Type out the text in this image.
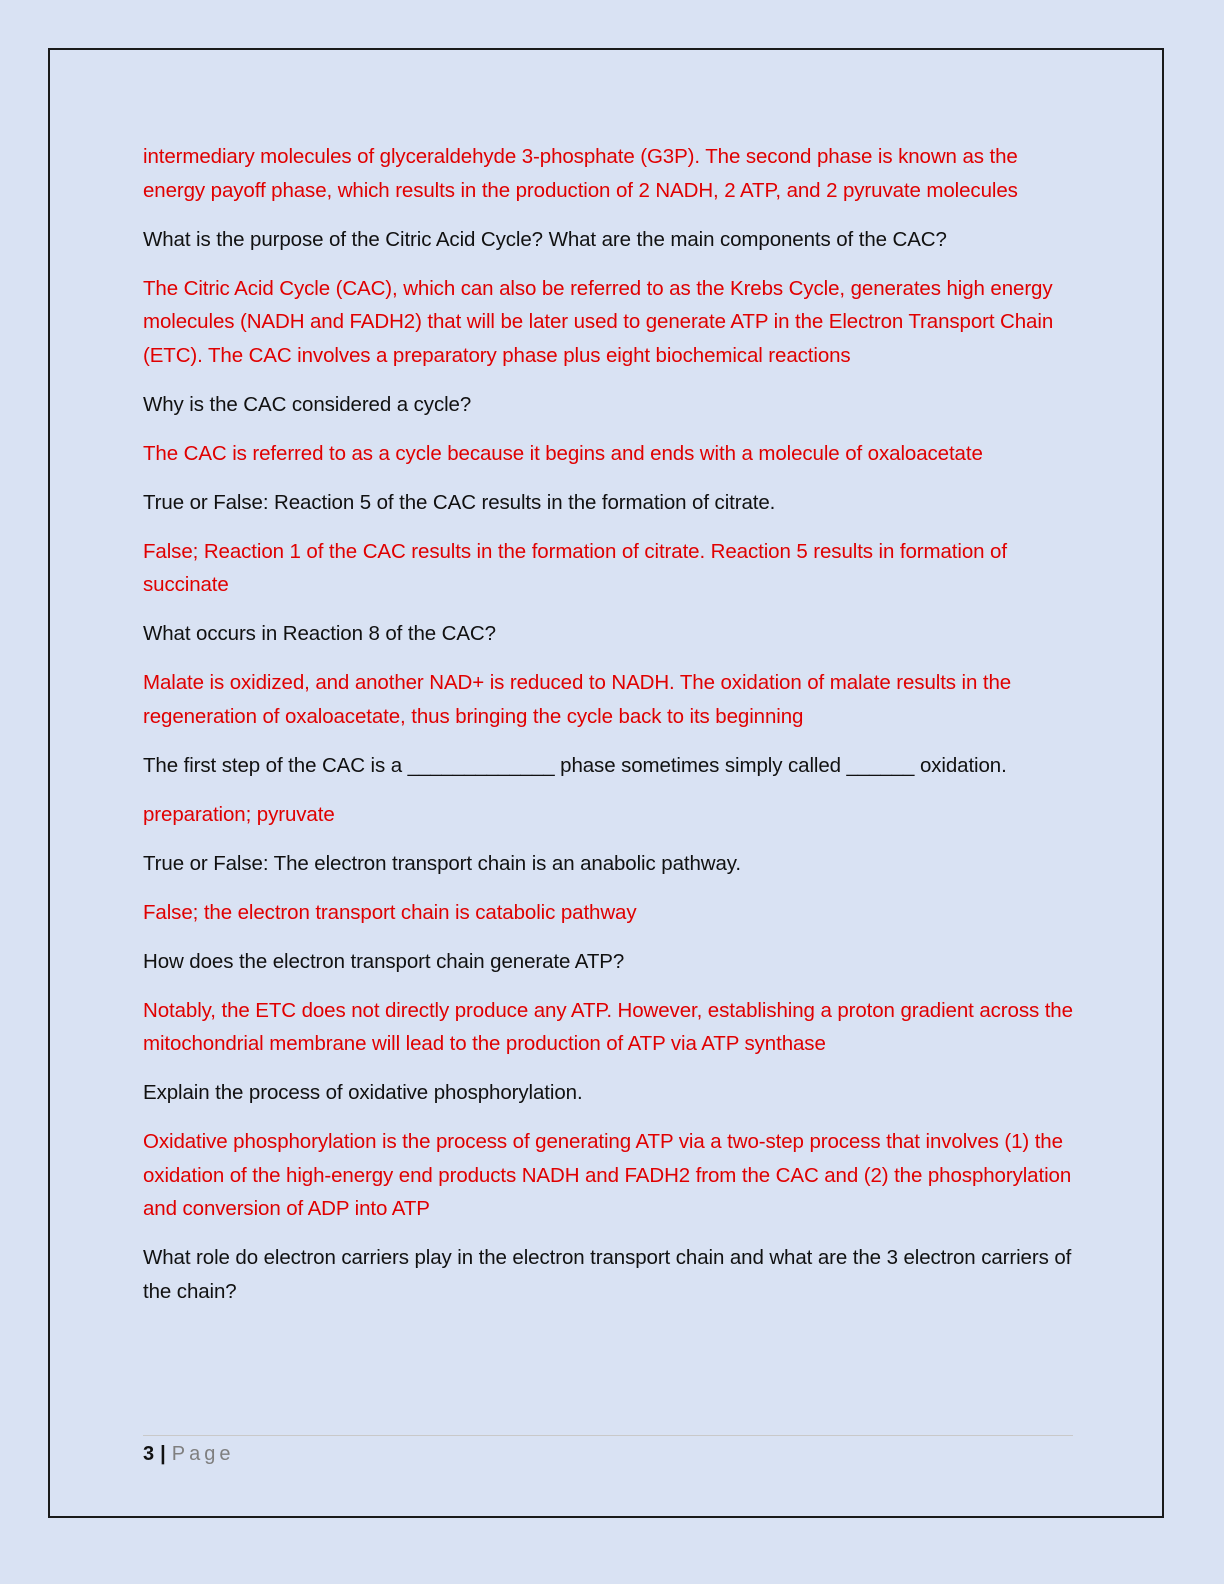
intermediary molecules of glyceraldehyde 3-phosphate (G3P). The second phase is known as the energy payoff phase, which results in the production of 2 NADH, 2 ATP, and 2 pyruvate molecules

What is the purpose of the Citric Acid Cycle? What are the main components of the CAC?

The Citric Acid Cycle (CAC), which can also be referred to as the Krebs Cycle, generates high energy molecules (NADH and FADH2) that will be later used to generate ATP in the Electron Transport Chain (ETC). The CAC involves a preparatory phase plus eight biochemical reactions

Why is the CAC considered a cycle?

The CAC is referred to as a cycle because it begins and ends with a molecule of oxaloacetate

True or False: Reaction 5 of the CAC results in the formation of citrate.

False; Reaction 1 of the CAC results in the formation of citrate. Reaction 5 results in formation of succinate

What occurs in Reaction 8 of the CAC?

Malate is oxidized, and another NAD+ is reduced to NADH. The oxidation of malate results in the regeneration of oxaloacetate, thus bringing the cycle back to its beginning

The first step of the CAC is a _____________ phase sometimes simply called ______ oxidation.

preparation; pyruvate

True or False: The electron transport chain is an anabolic pathway.

False; the electron transport chain is catabolic pathway

How does the electron transport chain generate ATP?

Notably, the ETC does not directly produce any ATP. However, establishing a proton gradient across the mitochondrial membrane will lead to the production of ATP via ATP synthase

Explain the process of oxidative phosphorylation.

Oxidative phosphorylation is the process of generating ATP via a two-step process that involves (1) the oxidation of the high-energy end products NADH and FADH2 from the CAC and (2) the phosphorylation and conversion of ADP into ATP

What role do electron carriers play in the electron transport chain and what are the 3 electron carriers of the chain?

3 | Page
